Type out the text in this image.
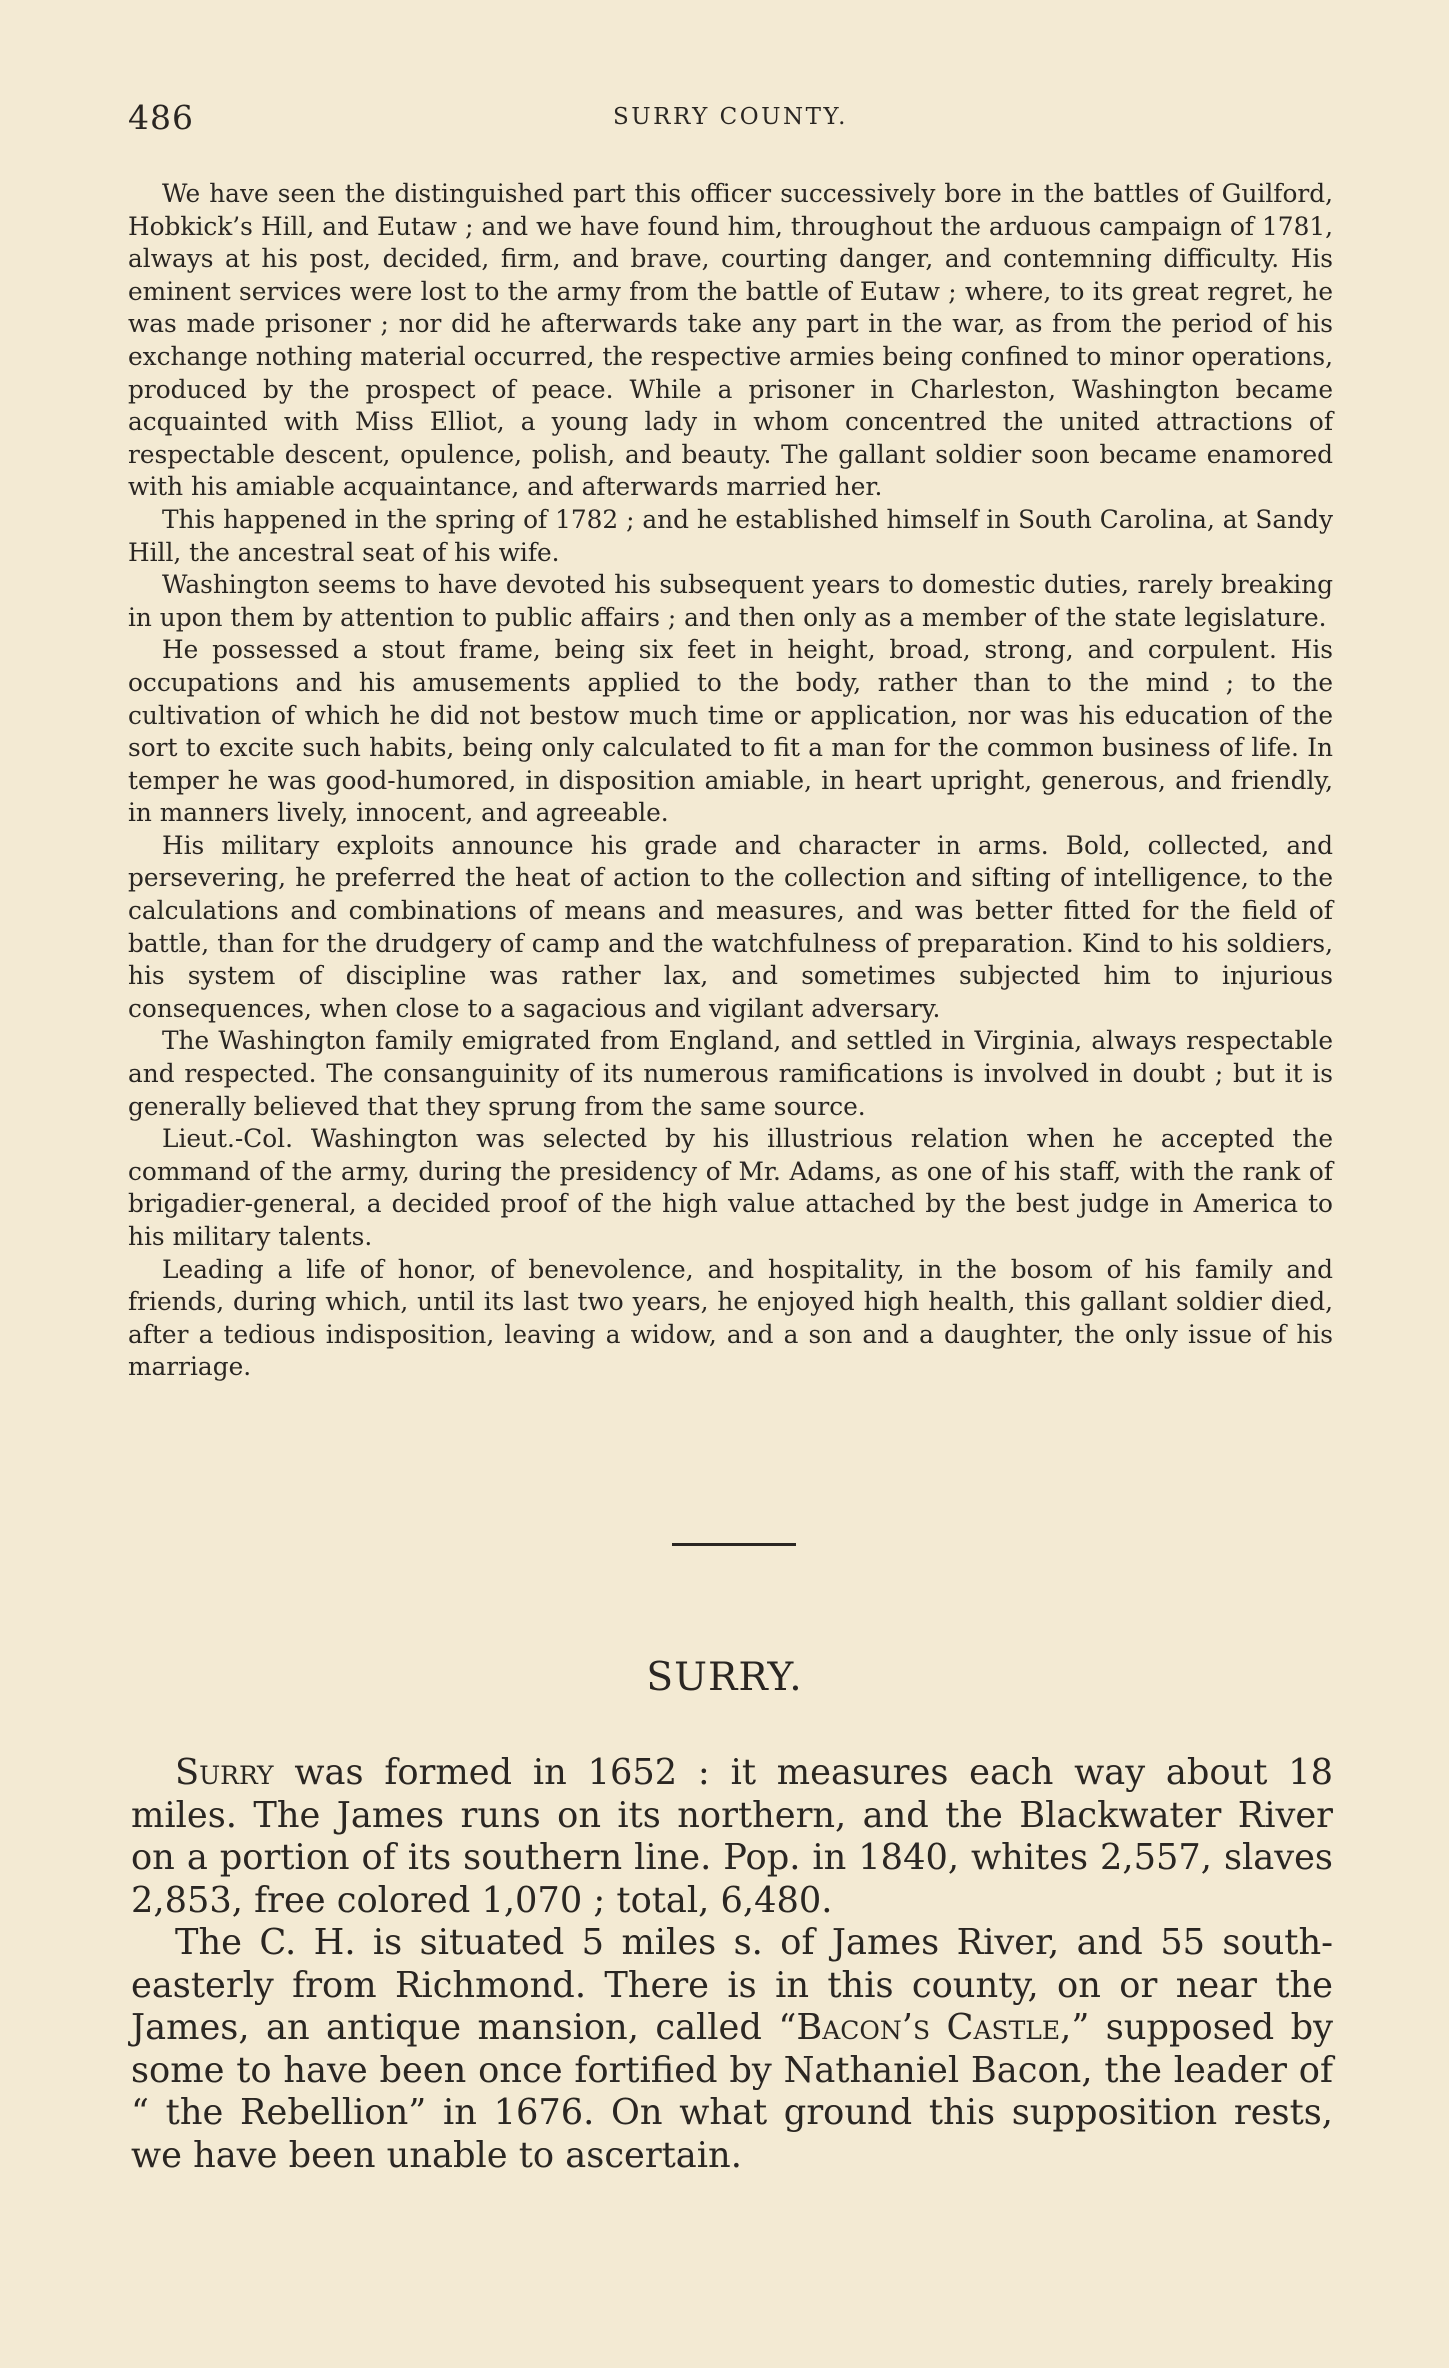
486	SURRY COUNTY.

We have seen the distinguished part this officer successively bore in the battles of Guilford, Hobkick’s Hill, and Eutaw ; and we have found him, throughout the arduous campaign of 1781, always at his post, decided, firm, and brave, courting danger, and contemning difficulty. His eminent services were lost to the army from the battle of Eutaw ; where, to its great regret, he was made prisoner ; nor did he afterwards take any part in the war, as from the period of his exchange nothing material occurred, the respective armies being confined to minor operations, produced by the prospect of peace. While a prisoner in Charleston, Washington became acquainted with Miss Elliot, a young lady in whom concentred the united attractions of respectable descent, opulence, polish, and beauty. The gallant soldier soon became enamored with his amiable acquaintance, and afterwards married her.

This happened in the spring of 1782 ; and he established himself in South Carolina, at Sandy Hill, the ancestral seat of his wife.

Washington seems to have devoted his subsequent years to domestic duties, rarely breaking in upon them by attention to public affairs ; and then only as a member of the state legislature.

He possessed a stout frame, being six feet in height, broad, strong, and corpulent. His occupations and his amusements applied to the body, rather than to the mind ; to the cultivation of which he did not bestow much time or application, nor was his education of the sort to excite such habits, being only calculated to fit a man for the common business of life. In temper he was good-humored, in disposition amiable, in heart upright, generous, and friendly, in manners lively, innocent, and agreeable.

His military exploits announce his grade and character in arms. Bold, collected, and persevering, he preferred the heat of action to the collection and sifting of intelligence, to the calculations and combinations of means and measures, and was better fitted for the field of battle, than for the drudgery of camp and the watchfulness of preparation. Kind to his soldiers, his system of discipline was rather lax, and sometimes subjected him to injurious consequences, when close to a sagacious and vigilant adversary.

The Washington family emigrated from England, and settled in Virginia, always respectable and respected. The consanguinity of its numerous ramifications is involved in doubt ; but it is generally believed that they sprung from the same source.

Lieut.-Col. Washington was selected by his illustrious relation when he accepted the command of the army, during the presidency of Mr. Adams, as one of his staff, with the rank of brigadier-general, a decided proof of the high value attached by the best judge in America to his military talents.

Leading a life of honor, of benevolence, and hospitality, in the bosom of his family and friends, during which, until its last two years, he enjoyed high health, this gallant soldier died, after a tedious indisposition, leaving a widow, and a son and a daughter, the only issue of his marriage.

SURRY.

Surry was formed in 1652 : it measures each way about 18 miles. The James runs on its northern, and the Blackwater River on a portion of its southern line. Pop. in 1840, whites 2,557, slaves 2,853, free colored 1,070 ; total, 6,480.

The C. H. is situated 5 miles s. of James River, and 55 south-easterly from Richmond. There is in this county, on or near the James, an antique mansion, called “Bacon’s Castle,” supposed by some to have been once fortified by Nathaniel Bacon, the leader of “ the Rebellion” in 1676. On what ground this supposition rests, we have been unable to ascertain.
